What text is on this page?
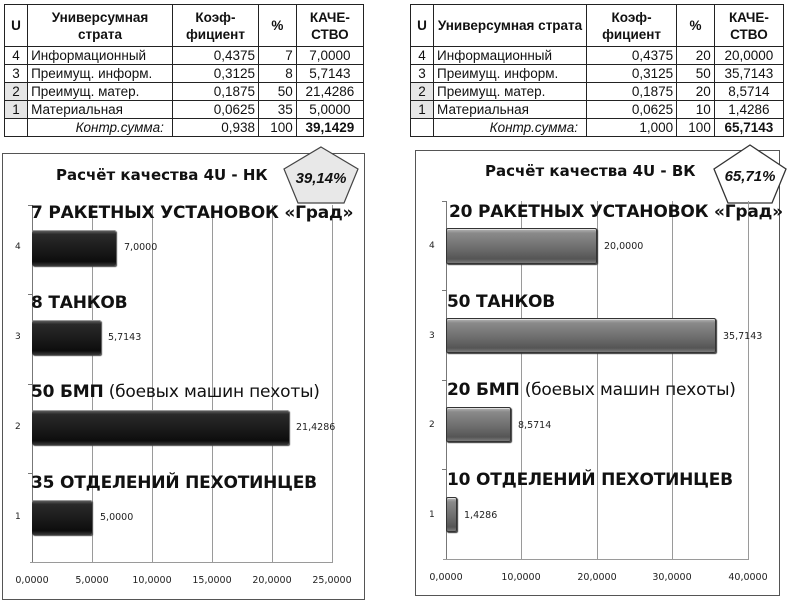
U	Универсумная страта	Коэф-фициент	%	КАЧЕ-СТВО
4	Информационный	0,4375	7	7,0000
3	Преимущ. информ.	0,3125	8	5,7143
2	Преимущ. матер.	0,1875	50	21,4286
1	Материальная	0,0625	35	5,0000
	Контр.сумма:	0,938	100	39,1429
U	Универсумная страта	Коэф-фициент	%	КАЧЕ-СТВО
4	Информационный	0,4375	20	20,0000
3	Преимущ. информ.	0,3125	50	35,7143
2	Преимущ. матер.	0,1875	20	8,5714
1	Материальная	0,0625	10	1,4286
	Контр.сумма:	1,000	100	65,7143
Расчёт качества 4U - НК	39,14%
0,0000	5,0000 10,0000 15,0000 20,0000 25,0000
7 РАКЕТНЫХ УСТАНОВОК «Град»
4	7,0000
8 ТАНКОВ
3	5,7143
50 БМП (боевых машин пехоты)
2	21,4286
35 ОТДЕЛЕНИЙ ПЕХОТИНЦЕВ
1	5,0000
Расчёт качества 4U - ВК	65,71%
0,0000	10,0000	20,0000	30,0000	40,0000
20 РАКЕТНЫХ УСТАНОВОК «Град»
4	20,0000
50 ТАНКОВ
3	35,7143
20 БМП (боевых машин пехоты)
2	8,5714
10 ОТДЕЛЕНИЙ ПЕХОТИНЦЕВ
1	1,4286
